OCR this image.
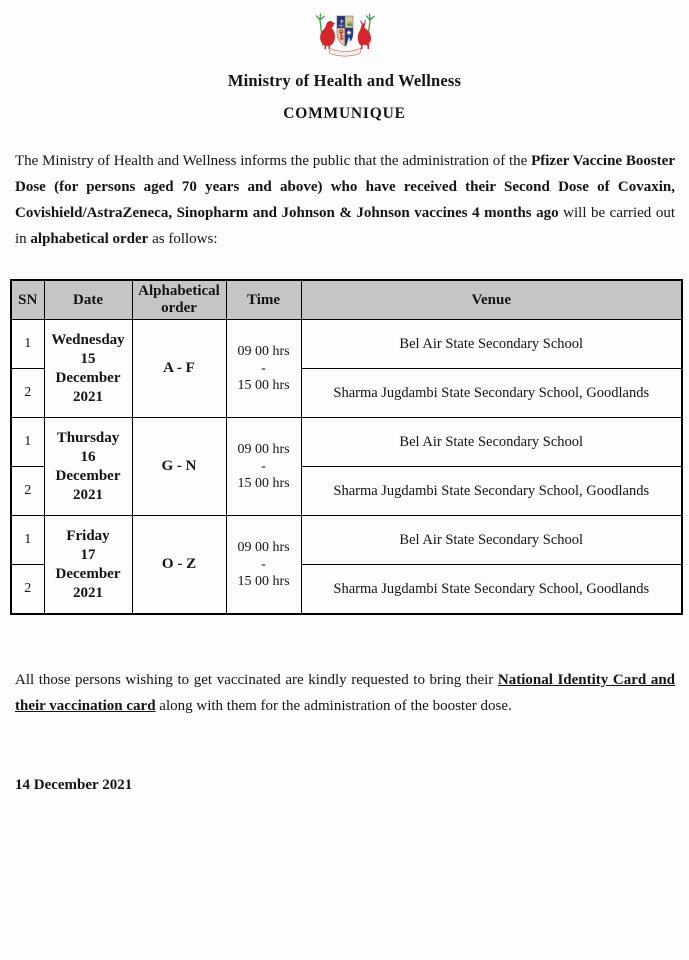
Ministry of Health and Wellness
COMMUNIQUE

The Ministry of Health and Wellness informs the public that the administration of the Pfizer Vaccine Booster Dose (for persons aged 70 years and above) who have received their Second Dose of Covaxin, Covishield/AstraZeneca, Sinopharm and Johnson & Johnson vaccines 4 months ago will be carried out in alphabetical order as follows:

SN	Date	Alphabetical order	Time	Venue
1	Wednesday
15
December
2021	A - F	09 00 hrs
-
15 00 hrs	Bel Air State Secondary School
2				Sharma Jugdambi State Secondary School, Goodlands
1	Thursday
16
December
2021	G - N	09 00 hrs
-
15 00 hrs	Bel Air State Secondary School
2				Sharma Jugdambi State Secondary School, Goodlands
1	Friday
17
December
2021	O - Z	09 00 hrs
-
15 00 hrs	Bel Air State Secondary School
2				Sharma Jugdambi State Secondary School, Goodlands

All those persons wishing to get vaccinated are kindly requested to bring their National Identity Card and their vaccination card along with them for the administration of the booster dose.

14 December 2021
